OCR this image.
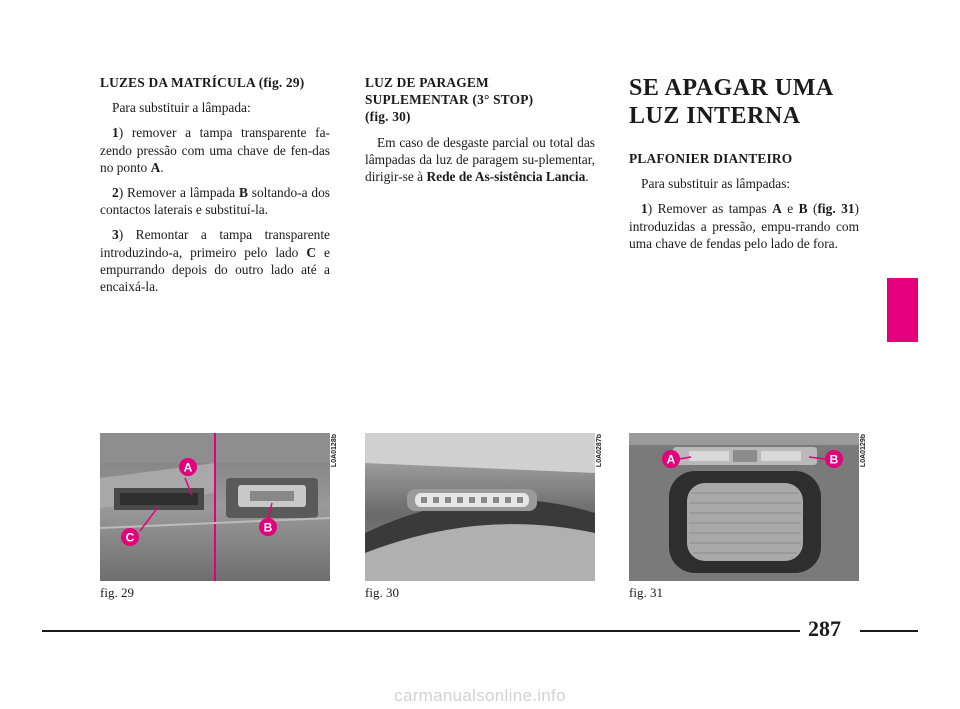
LUZES DA MATRÍCULA (fig. 29)

Para substituir a lâmpada:

1) remover a tampa transparente fa-zendo pressão com uma chave de fen-das no ponto A.

2) Remover a lâmpada B soltando-a dos contactos laterais e substituí-la.

3) Remontar a tampa transparente introduzindo-a, primeiro pelo lado C e empurrando depois do outro lado até a encaixá-la.

LUZ DE PARAGEM
SUPLEMENTAR (3° STOP)
(fig. 30)

Em caso de desgaste parcial ou total das lâmpadas da luz de paragem su-plementar, dirigir-se à Rede de As-sistência Lancia.

SE APAGAR UMA
LUZ INTERNA

PLAFONIER DIANTEIRO

Para substituir as lâmpadas:

1) Remover as tampas A e B (fig. 31) introduzidas a pressão, empu-rrando com uma chave de fendas pelo lado de fora.

A
C
B
L0A0128b
fig. 29
L0A0287b
fig. 30
A	B	L0A0129b
fig. 31
287
carmanualsonline.info
